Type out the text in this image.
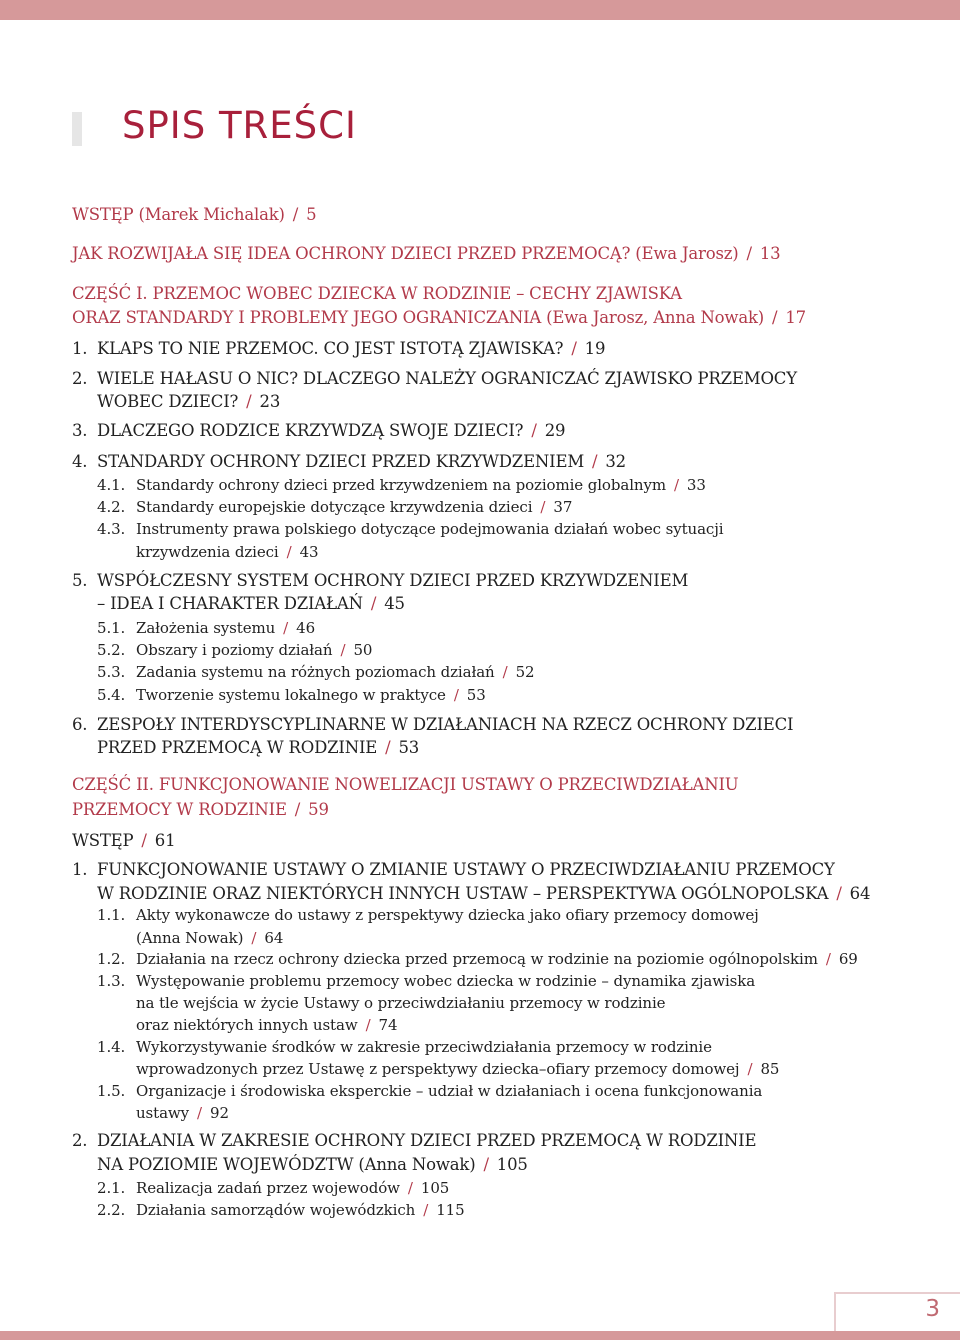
SPIS TREŚCI
WSTĘP (Marek Michalak) / 5
JAK ROZWIJAŁA SIĘ IDEA OCHRONY DZIECI PRZED PRZEMOCĄ? (Ewa Jarosz) / 13
CZĘŚĆ I. PRZEMOC WOBEC DZIECKA W RODZINIE – CECHY ZJAWISKA
ORAZ STANDARDY I PROBLEMY JEGO OGRANICZANIA (Ewa Jarosz, Anna Nowak) / 17
1. KLAPS TO NIE PRZEMOC. CO JEST ISTOTĄ ZJAWISKA? / 19
2. WIELE HAŁASU O NIC? DLACZEGO NALEŻY OGRANICZAĆ ZJAWISKO PRZEMOCY
WOBEC DZIECI? / 23
3. DLACZEGO RODZICE KRZYWDZĄ SWOJE DZIECI? / 29
4. STANDARDY OCHRONY DZIECI PRZED KRZYWDZENIEM / 32
4.1. Standardy ochrony dzieci przed krzywdzeniem na poziomie globalnym / 33
4.2. Standardy europejskie dotyczące krzywdzenia dzieci / 37
4.3. Instrumenty prawa polskiego dotyczące podejmowania działań wobec sytuacji
krzywdzenia dzieci / 43
5. WSPÓŁCZESNY SYSTEM OCHRONY DZIECI PRZED KRZYWDZENIEM
– IDEA I CHARAKTER DZIAŁAŃ / 45
5.1. Założenia systemu / 46
5.2. Obszary i poziomy działań / 50
5.3. Zadania systemu na różnych poziomach działań / 52
5.4. Tworzenie systemu lokalnego w praktyce / 53
6. ZESPOŁY INTERDYSCYPLINARNE W DZIAŁANIACH NA RZECZ OCHRONY DZIECI
PRZED PRZEMOCĄ W RODZINIE / 53
CZĘŚĆ II. FUNKCJONOWANIE NOWELIZACJI USTAWY O PRZECIWDZIAŁANIU
PRZEMOCY W RODZINIE / 59
WSTĘP / 61
1. FUNKCJONOWANIE USTAWY O ZMIANIE USTAWY O PRZECIWDZIAŁANIU PRZEMOCY
W RODZINIE ORAZ NIEKTÓRYCH INNYCH USTAW – PERSPEKTYWA OGÓLNOPOLSKA / 64
1.1. Akty wykonawcze do ustawy z perspektywy dziecka jako ofiary przemocy domowej
(Anna Nowak) / 64
1.2. Działania na rzecz ochrony dziecka przed przemocą w rodzinie na poziomie ogólnopolskim / 69
1.3. Występowanie problemu przemocy wobec dziecka w rodzinie – dynamika zjawiska
na tle wejścia w życie Ustawy o przeciwdziałaniu przemocy w rodzinie
oraz niektórych innych ustaw / 74
1.4. Wykorzystywanie środków w zakresie przeciwdziałania przemocy w rodzinie
wprowadzonych przez Ustawę z perspektywy dziecka–ofiary przemocy domowej / 85
1.5. Organizacje i środowiska eksperckie – udział w działaniach i ocena funkcjonowania
ustawy / 92
2. DZIAŁANIA W ZAKRESIE OCHRONY DZIECI PRZED PRZEMOCĄ W RODZINIE
NA POZIOMIE WOJEWÓDZTW (Anna Nowak) / 105
2.1. Realizacja zadań przez wojewodów / 105
2.2. Działania samorządów wojewódzkich / 115
3
